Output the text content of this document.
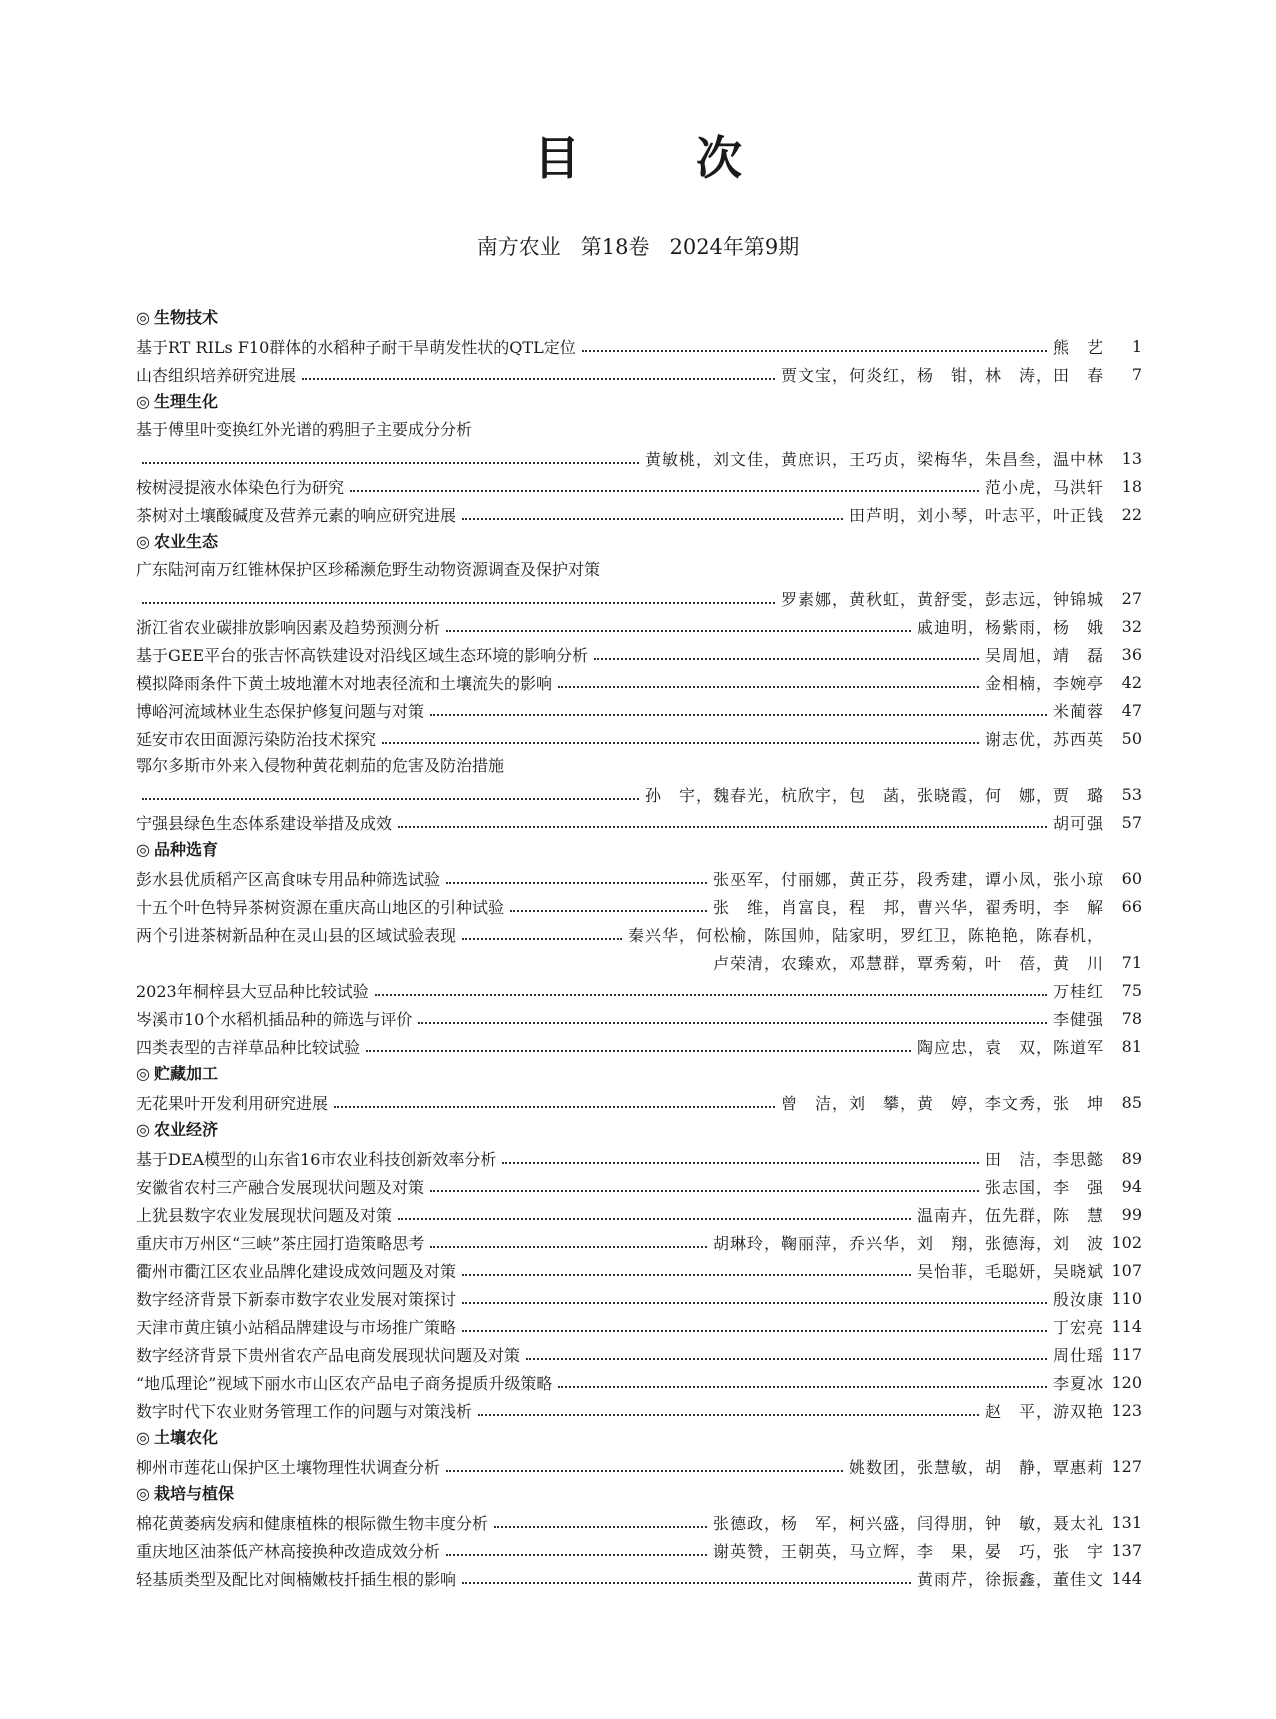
目 次
南方农业   第18卷   2024年第9期
◎ 生物技术
基于RT RILs F10群体的水稻种子耐干旱萌发性状的QTL定位	熊　艺	1
山杏组织培养研究进展	贾文宝，何炎红，杨　钳，林　涛，田　春	7
◎ 生理生化
基于傅里叶变换红外光谱的鸦胆子主要成分分析
黄敏桃，刘文佳，黄庶识，王巧贞，梁梅华，朱昌叁，温中林	13
桉树浸提液水体染色行为研究	范小虎，马洪轩	18
茶树对土壤酸碱度及营养元素的响应研究进展	田芦明，刘小琴，叶志平，叶正钱	22
◎ 农业生态
广东陆河南万红锥林保护区珍稀濒危野生动物资源调查及保护对策
罗素娜，黄秋虹，黄舒雯，彭志远，钟锦城	27
浙江省农业碳排放影响因素及趋势预测分析	戚迪明，杨紫雨，杨　娥	32
基于GEE平台的张吉怀高铁建设对沿线区域生态环境的影响分析	吴周旭，靖　磊	36
模拟降雨条件下黄土坡地灌木对地表径流和土壤流失的影响	金相楠，李婉亭	42
博峪河流域林业生态保护修复问题与对策	米蔺蓉	47
延安市农田面源污染防治技术探究	谢志优，苏西英	50
鄂尔多斯市外来入侵物种黄花刺茄的危害及防治措施
孙　宇，魏春光，杭欣宇，包　菡，张晓霞，何　娜，贾　璐	53
宁强县绿色生态体系建设举措及成效	胡可强	57
◎ 品种选育
彭水县优质稻产区高食味专用品种筛选试验	张巫军，付丽娜，黄正芬，段秀建，谭小凤，张小琼	60
十五个叶色特异茶树资源在重庆高山地区的引种试验	张　维，肖富良，程　邦，曹兴华，翟秀明，李　解	66
两个引进茶树新品种在灵山县的区域试验表现	秦兴华，何松榆，陈国帅，陆家明，罗红卫，陈艳艳，陈春机，
卢荣清，农臻欢，邓慧群，覃秀菊，叶　蓓，黄　川	71
2023年桐梓县大豆品种比较试验	万桂红	75
岑溪市10个水稻机插品种的筛选与评价	李健强	78
四类表型的吉祥草品种比较试验	陶应忠，袁　双，陈道军	81
◎ 贮藏加工
无花果叶开发利用研究进展	曾　洁，刘　攀，黄　婷，李文秀，张　坤	85
◎ 农业经济
基于DEA模型的山东省16市农业科技创新效率分析	田　洁，李思懿	89
安徽省农村三产融合发展现状问题及对策	张志国，李　强	94
上犹县数字农业发展现状问题及对策	温南卉，伍先群，陈　慧	99
重庆市万州区“三峡”茶庄园打造策略思考	胡琳玲，鞠丽萍，乔兴华，刘　翔，张德海，刘　波 102
衢州市衢江区农业品牌化建设成效问题及对策	吴怡菲，毛聪妍，吴晓斌 107
数字经济背景下新泰市数字农业发展对策探讨	殷汝康 110
天津市黄庄镇小站稻品牌建设与市场推广策略	丁宏亮 114
数字经济背景下贵州省农产品电商发展现状问题及对策	周仕瑶 117
“地瓜理论”视域下丽水市山区农产品电子商务提质升级策略	李夏冰 120
数字时代下农业财务管理工作的问题与对策浅析	赵　平，游双艳 123
◎ 土壤农化
柳州市莲花山保护区土壤物理性状调查分析	姚数团，张慧敏，胡　静，覃惠莉 127
◎ 栽培与植保
棉花黄萎病发病和健康植株的根际微生物丰度分析	张德政，杨　军，柯兴盛，闫得朋，钟　敏，聂太礼 131
重庆地区油茶低产林高接换种改造成效分析	谢英赞，王朝英，马立辉，李　果，晏　巧，张　宇 137
轻基质类型及配比对闽楠嫩枝扦插生根的影响	黄雨芹，徐振鑫，董佳文 144
